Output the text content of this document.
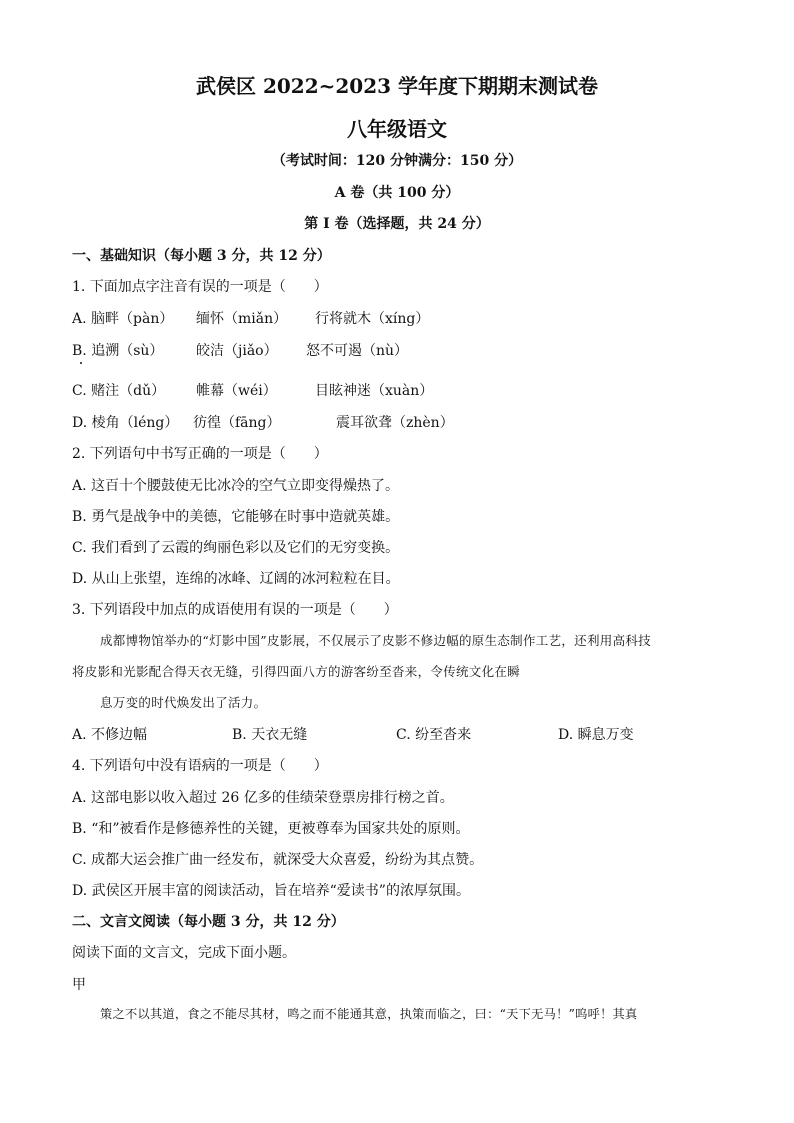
武侯区 2022~2023 学年度下期期末测试卷
八年级语文
（考试时间：120 分钟满分：150 分）
A 卷（共 100 分）
第 I 卷（选择题，共 24 分）
一、基础知识（每小题 3 分，共 12 分）
1. 下面加点字注音有误的一项是（　　）
A. 脑畔（pàn） 缅怀（miǎn） 行将就木（xíng）
B. 追溯（sù） 皎洁（jiǎo） 怒不可遏（nù）
C. 赌注（dǔ） 帷幕（wéi）	目眩神迷（xuàn）
D. 棱角（léng） 彷徨（fāng）	震耳欲聋（zhèn）
2. 下列语句中书写正确的一项是（　　）
A. 这百十个腰鼓使无比冰冷的空气立即变得燥热了。
B. 勇气是战争中的美德，它能够在时事中造就英雄。
C. 我们看到了云霞的绚丽色彩以及它们的无穷变换。
D. 从山上张望，连绵的冰峰、辽阔的冰河粒粒在目。
3. 下列语段中加点的成语使用有误的一项是（　　）
成都博物馆举办的“灯影中国”皮影展，不仅展示了皮影不修边幅的原生态制作工艺，还利用高科技
将皮影和光影配合得天衣无缝，引得四面八方的游客纷至沓来，令传统文化在瞬
息万变的时代焕发出了活力。
A. 不修边幅	B. 天衣无缝	C. 纷至沓来	D. 瞬息万变
4. 下列语句中没有语病的一项是（　　）
A. 这部电影以收入超过 26 亿多的佳绩荣登票房排行榜之首。
B. “和”被看作是修德养性的关键，更被尊奉为国家共处的原则。
C. 成都大运会推广曲一经发布，就深受大众喜爱，纷纷为其点赞。
D. 武侯区开展丰富的阅读活动，旨在培养“爱读书”的浓厚氛围。
二、文言文阅读（每小题 3 分，共 12 分）
阅读下面的文言文，完成下面小题。
甲
策之不以其道，食之不能尽其材，鸣之而不能通其意，执策而临之，曰：“天下无马！”呜呼！其真
